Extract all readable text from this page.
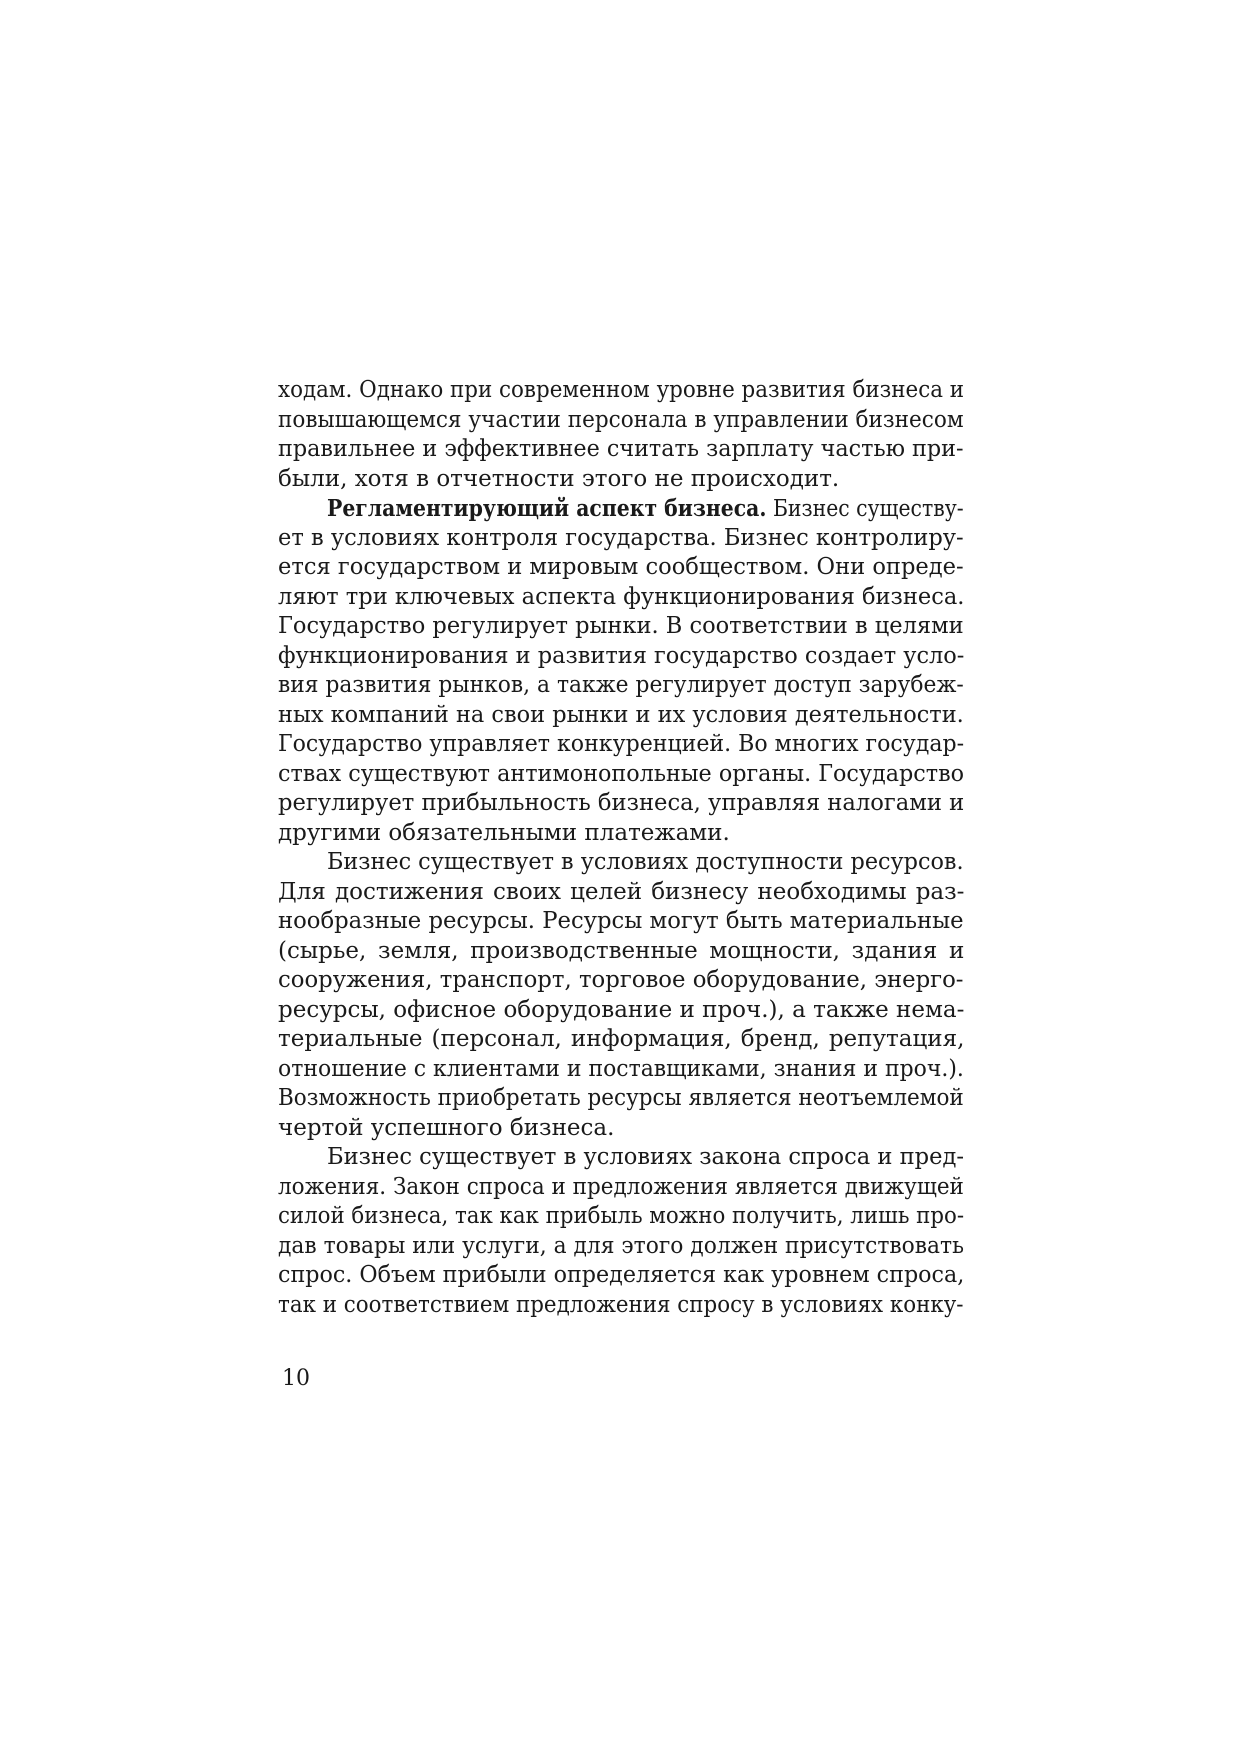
ходам. Однако при современном уровне развития бизнеса и
повышающемся участии персонала в управлении бизнесом
правильнее и эффективнее считать зарплату частью при-
были, хотя в отчетности этого не происходит.
Регламентирующий аспект бизнеса. Бизнес существу-
ет в условиях контроля государства. Бизнес контролиру-
ется государством и мировым сообществом. Они опреде-
ляют три ключевых аспекта функционирования бизнеса.
Государство регулирует рынки. В соответствии в целями
функционирования и развития государство создает усло-
вия развития рынков, а также регулирует доступ зарубеж-
ных компаний на свои рынки и их условия деятельности.
Государство управляет конкуренцией. Во многих государ-
ствах существуют антимонопольные органы. Государство
регулирует прибыльность бизнеса, управляя налогами и
другими обязательными платежами.
Бизнес существует в условиях доступности ресурсов.
Для достижения своих целей бизнесу необходимы раз-
нообразные ресурсы. Ресурсы могут быть материальные
(сырье, земля, производственные мощности, здания и
сооружения, транспорт, торговое оборудование, энерго-
ресурсы, офисное оборудование и проч.), а также нема-
териальные (персонал, информация, бренд, репутация,
отношение с клиентами и поставщиками, знания и проч.).
Возможность приобретать ресурсы является неотъемлемой
чертой успешного бизнеса.
Бизнес существует в условиях закона спроса и пред-
ложения. Закон спроса и предложения является движущей
силой бизнеса, так как прибыль можно получить, лишь про-
дав товары или услуги, а для этого должен присутствовать
спрос. Объем прибыли определяется как уровнем спроса,
так и соответствием предложения спросу в условиях конку-
10
